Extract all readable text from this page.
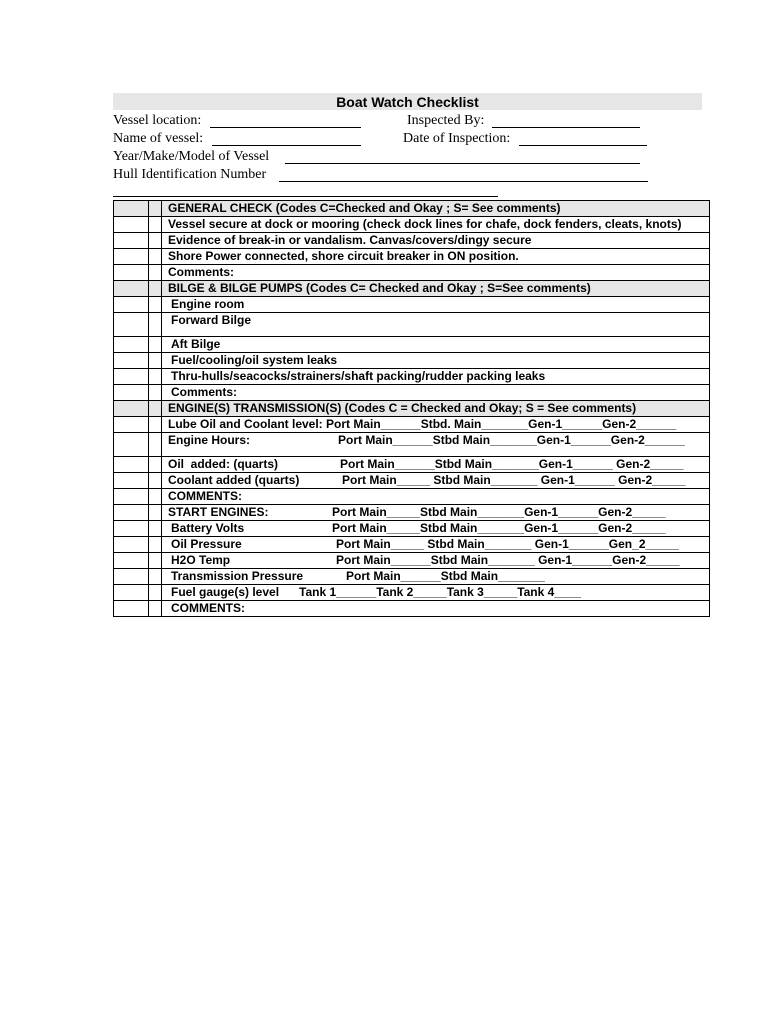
Boat Watch Checklist
Vessel location:	Inspected By:
Name of vessel:	Date of Inspection:
Year/Make/Model of Vessel
Hull Identification Number
		GENERAL CHECK (Codes C=Checked and Okay ; S= See comments)
		Vessel secure at dock or mooring (check dock lines for chafe, dock fenders, cleats, knots)
		Evidence of break-in or vandalism. Canvas/covers/dingy secure
		Shore Power connected, shore circuit breaker in ON position.
		Comments:
		BILGE & BILGE PUMPS (Codes C= Checked and Okay ; S=See comments)
		Engine room
		Forward Bilge
		Aft Bilge
		Fuel/cooling/oil system leaks
		Thru-hulls/seacocks/strainers/shaft packing/rudder packing leaks
		Comments:
		ENGINE(S) TRANSMISSION(S) (Codes C = Checked and Okay; S = See comments)
		Lube Oil and Coolant level: Port Main______Stbd. Main_______Gen-1______Gen-2______

		Engine Hours: Port Main______Stbd Main_______Gen-1______Gen-2______

		Oil  added: (quarts) Port Main______Stbd Main_______Gen-1______ Gen-2_____

		Coolant added (quarts) Port Main_____ Stbd Main_______ Gen-1______ Gen-2_____

		COMMENTS:

		START ENGINES: Port Main_____Stbd Main_______Gen-1______Gen-2_____

		Battery Volts Port Main_____Stbd Main_______Gen-1______Gen-2_____

		Oil Pressure Port Main_____ Stbd Main_______ Gen-1______Gen_2_____

		H2O Temp Port Main______Stbd Main_______ Gen-1______Gen-2_____

		Transmission Pressure Port Main______Stbd Main_______

		Fuel gauge(s) level      Tank 1______Tank 2_____Tank 3_____Tank 4____
		COMMENTS:
